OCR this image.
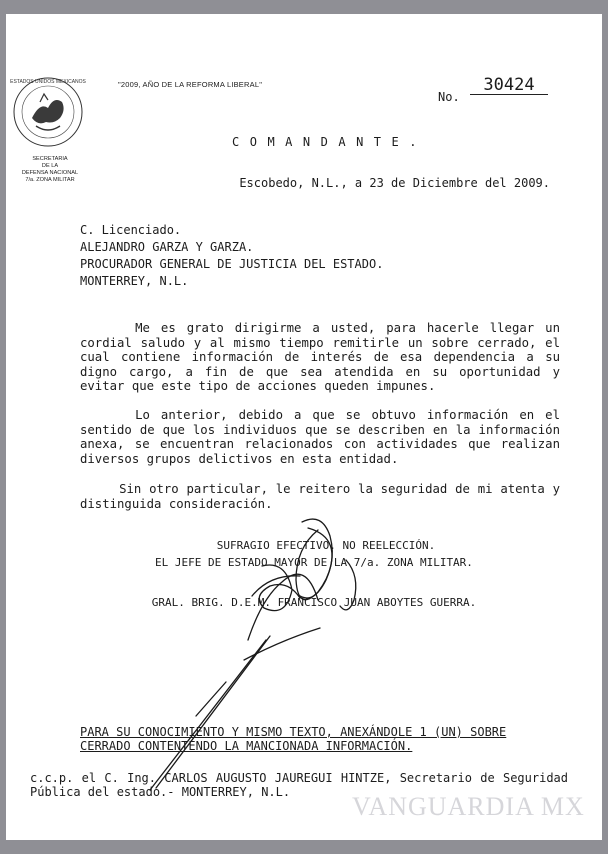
ESTADOS UNIDOS MEXICANOS
SECRETARIA
DE LA
DEFENSA NACIONAL
7/a. ZONA MILITAR
"2009, AÑO DE LA REFORMA LIBERAL"
No.
30424
COMANDANTE.
Escobedo, N.L., a 23 de Diciembre del 2009.
C. Licenciado.
ALEJANDRO GARZA Y GARZA.
PROCURADOR GENERAL DE JUSTICIA DEL ESTADO.
MONTERREY, N.L.
Me es grato dirigirme a usted, para hacerle llegar un cordial saludo y al mismo tiempo remitirle un sobre cerrado, el cual contiene información de interés de esa dependencia a su digno cargo, a fin de que sea atendida en su oportunidad y evitar que este tipo de acciones queden impunes.
Lo anterior, debido a que se obtuvo información en el sentido de que los individuos que se describen en la información anexa, se encuentran relacionados con actividades que realizan diversos grupos delictivos en esta entidad.
Sin otro particular, le reitero la seguridad de mi atenta y distinguida consideración.
SUFRAGIO EFECTIVO. NO REELECCIÓN.
EL JEFE DE ESTADO MAYOR DE LA 7/a. ZONA MILITAR.
GRAL. BRIG. D.E.M. FRANCISCO JUAN ABOYTES GUERRA.
PARA SU CONOCIMIENTO Y MISMO TEXTO, ANEXÁNDOLE 1 (UN) SOBRE
CERRADO CONTENTENDO LA MANCIONADA INFORMACIÓN.
c.c.p. el C. Ing. CARLOS AUGUSTO JAUREGUI HINTZE, Secretario de Seguridad Pública del estado.- MONTERREY, N.L.	VANGUARDIA MX
